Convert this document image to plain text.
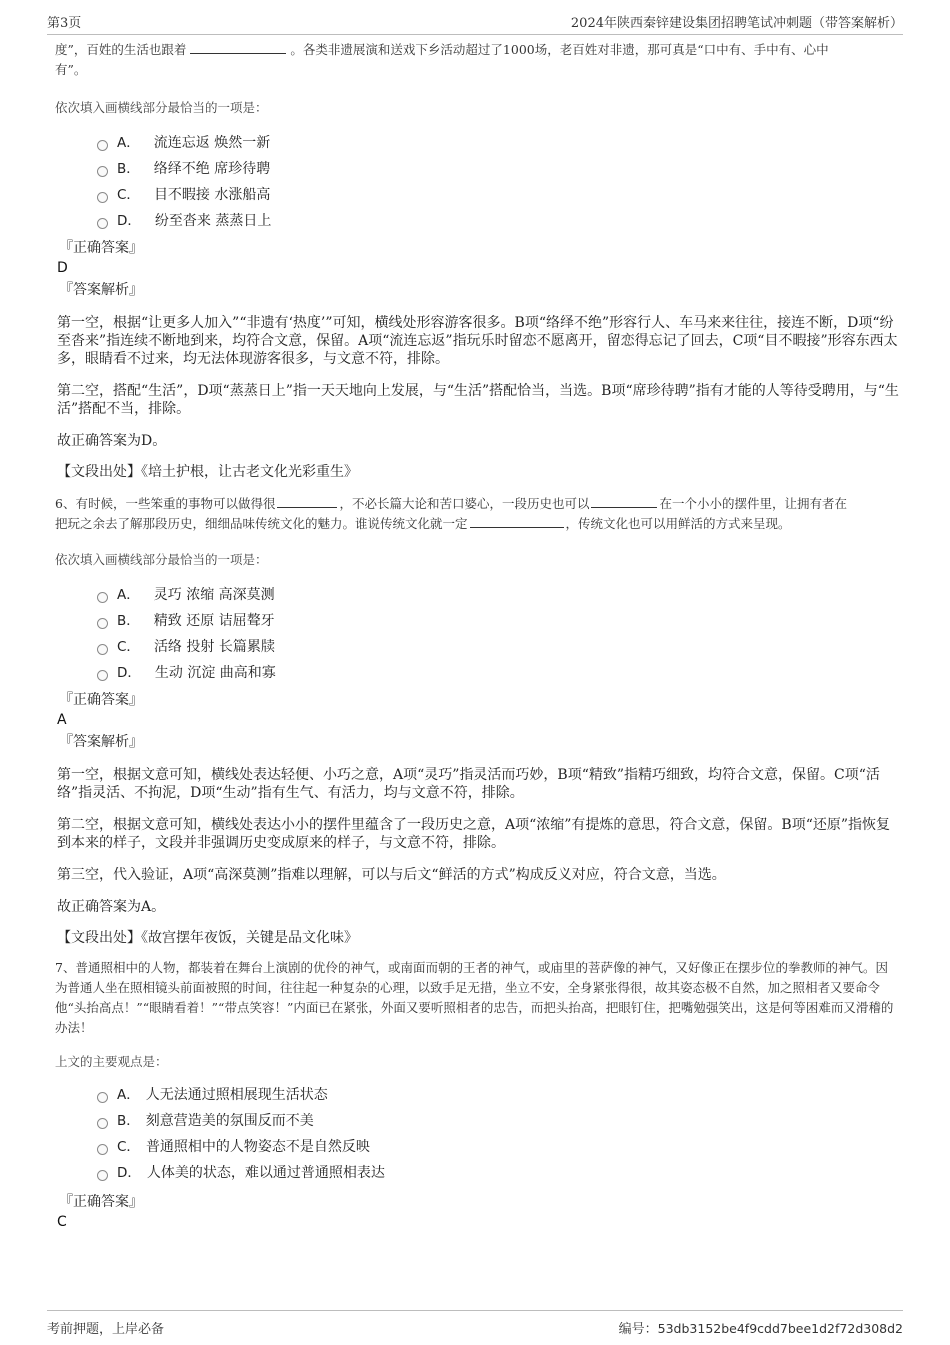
第3页	2024年陕西秦锌建设集团招聘笔试冲刺题（带答案解析）

度”，百姓的生活也跟着	。各类非遗展演和送戏下乡活动超过了1000场，老百姓对非遗，那可真是“口中有、手中有、心中
有”。

依次填入画横线部分最恰当的一项是：

A． 流连忘返 焕然一新
B． 络绎不绝 席珍待聘
C． 目不暇接 水涨船高
D． 纷至沓来 蒸蒸日上

『正确答案』

D

『答案解析』

第一空，根据“让更多人加入”“非遗有‘热度’”可知，横线处形容游客很多。B项“络绎不绝”形容行人、车马来来往往，接连不断，D项“纷至沓来”指连续不断地到来，均符合文意，保留。A项“流连忘返”指玩乐时留恋不愿离开，留恋得忘记了回去，C项“目不暇接”形容东西太多，眼睛看不过来，均无法体现游客很多，与文意不符，排除。

第二空，搭配“生活”，D项“蒸蒸日上”指一天天地向上发展，与“生活”搭配恰当，当选。B项“席珍待聘”指有才能的人等待受聘用，与“生活”搭配不当，排除。

故正确答案为D。

【文段出处】《培土护根，让古老文化光彩重生》

6、有时候，一些笨重的事物可以做得很	，不必长篇大论和苦口婆心，一段历史也可以	在一个小小的摆件里，让拥有者在
把玩之余去了解那段历史，细细品味传统文化的魅力。谁说传统文化就一定	，传统文化也可以用鲜活的方式来呈现。

依次填入画横线部分最恰当的一项是：

A． 灵巧 浓缩 高深莫测
B． 精致 还原 诘屈聱牙
C． 活络 投射 长篇累牍
D． 生动 沉淀 曲高和寡

『正确答案』

A

『答案解析』

第一空，根据文意可知，横线处表达轻便、小巧之意，A项“灵巧”指灵活而巧妙，B项“精致”指精巧细致，均符合文意，保留。C项“活络”指灵活、不拘泥，D项“生动”指有生气、有活力，均与文意不符，排除。

第二空，根据文意可知，横线处表达小小的摆件里蕴含了一段历史之意，A项“浓缩”有提炼的意思，符合文意，保留。B项“还原”指恢复到本来的样子，文段并非强调历史变成原来的样子，与文意不符，排除。

第三空，代入验证，A项“高深莫测”指难以理解，可以与后文“鲜活的方式”构成反义对应，符合文意，当选。

故正确答案为A。

【文段出处】《故宫摆年夜饭，关键是品文化味》

7、普通照相中的人物，都装着在舞台上演剧的优伶的神气，或南面而朝的王者的神气，或庙里的菩萨像的神气，又好像正在摆步位的拳教师的神气。因为普通人坐在照相镜头前面被照的时间，往往起一种复杂的心理，以致手足无措，坐立不安，全身紧张得很，故其姿态极不自然，加之照相者又要命令他“头抬高点！”“眼睛看着！”“带点笑容！”内面已在紧张，外面又要听照相者的忠告，而把头抬高，把眼钉住，把嘴勉强笑出，这是何等困难而又滑稽的办法！

上文的主要观点是：

A． 人无法通过照相展现生活状态
B． 刻意营造美的氛围反而不美
C． 普通照相中的人物姿态不是自然反映
D． 人体美的状态，难以通过普通照相表达

『正确答案』

C

考前押题，上岸必备	编号：53db3152be4f9cdd7bee1d2f72d308d2
